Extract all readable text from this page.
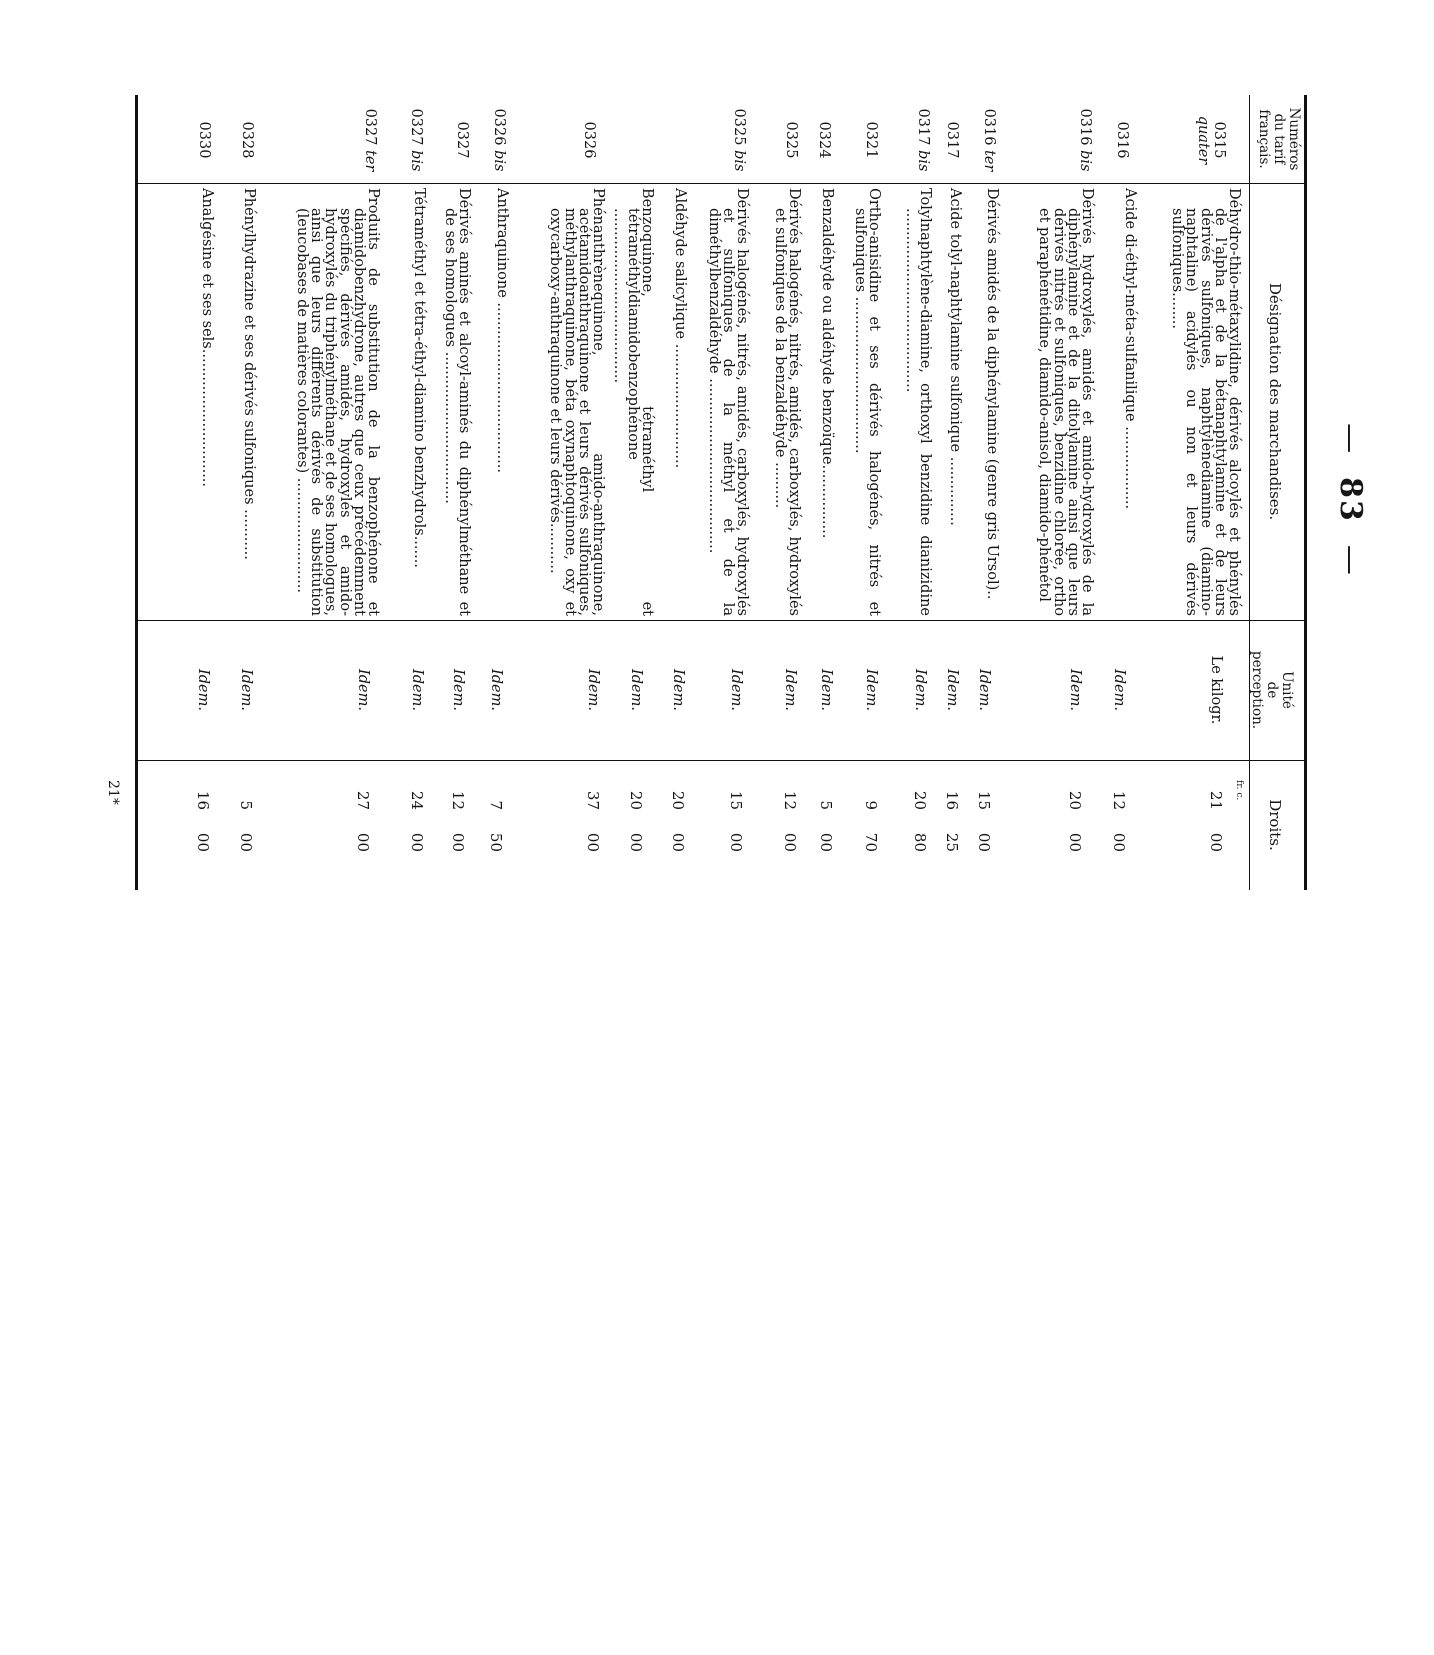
—83—
Numéros
du tarif
français.
Désignation des marchandises.
Unité
de
perception.
Droits.
fr. c.
0315
quater

Déhydro-thio-métaxylidine, dérivés alcoylés et phénylés de l'alpha et de la bétanaphtylamine et de leurs dérivés sulfoniques, naphtylènediamine (diamino-naphtaline) acidylés ou non et leurs dérivés sulfoniques........

Le kilogr.
2100
0316

Acide di-éthyl-méta-sulfanilique ..................

Idem.
1200
0316 bis

Dérivés hydroxylés, amidés et amido-hydroxylés de la diphénylamine et de la ditolylamine ainsi que leurs dérivés nitrés et sulfoniques, benzidine chlorée, ortho et paraphénétidine, diamido-anisol, diamido-phénétol

Idem.
2000
0316 ter

Dérivés amidés de la diphénylamine (genre gris Ursol)..

Idem.
1500
0317

Acide tolyl-naphtylamine sulfonique ...............

Idem.
1625
0317 bis

Tolylnaphtylène-diamine, orthoxyl benzidine dianizidine ........................................

Idem.
2080
0321

Ortho-anisidine et ses dérivés halogénés, nitrés et sulfoniques ..................................

Idem.
970
0324

Benzaldéhyde ou aldéhyde benzoïque................

Idem.
500
0325

Dérivés halogénés, nitrés, amidés, carboxylés, hydroxylés et sulfoniques de la benzaldéhyde ..........

Idem.
1200
0325 bis

Dérivés halogénés, nitrés, amidés, carboxylés, hydroxylés et sulfoniques de la méthyl et de la diméthylbenzaldéhyde ......................................

Idem.
1500

Aldéhyde salicylique ...........................

Idem.
2000

Benzoquinone, tétraméthyl et tétraméthyldiamidobenzophénone ......................................

Idem.
2000
0326

Phénanthrènequinone, amido-anthraquinone, acétamidoanthraquinone et leurs dérivés sulfoniques, méthylanthraquinone, béta oxynaphtoquinone, oxy et oxycarboxy-anthraquinone et leurs dérivés...........

Idem.
3700
0326 bis

Anthraquinone .....................................

Idem.
750
0327

Dérivés aminés et alcoyl-aminés du diphénylméthane et de ses homologues .................................

Idem.
1200
0327 bis

Tétraméthyl et tétra-éthyl-diamino benzhydrols.......

Idem.
2400
0327 ter

Produits de substitution de la benzophénone et diamidobenzhydrone, autres que ceux précédemment spécifiés, dérivés amidés, hydroxylés et amido-hydroxylés du triphénylméthane et de ses homologues, ainsi que leurs différents dérivés de substitution (leucobases de matières colorantes) .........................

Idem.
2700
0328

Phénylhydrazine et ses dérivés sulfoniques ...........

Idem.
500
0330

Analgésine et ses sels..............................

Idem.
1600
21*
